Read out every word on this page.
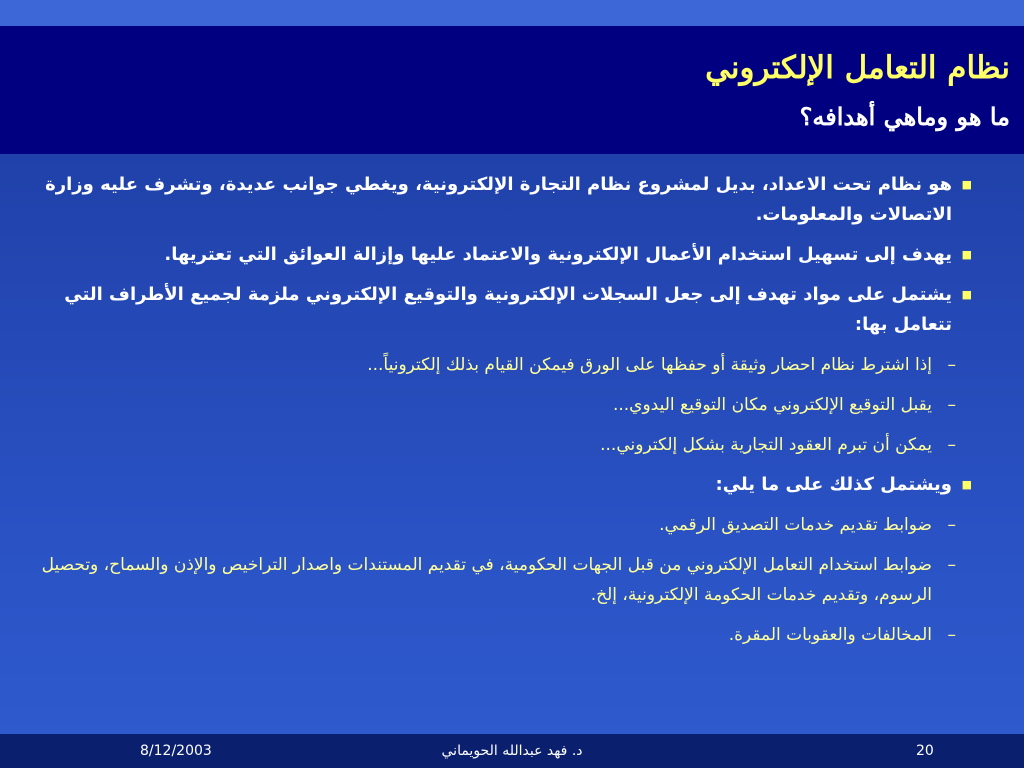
نظام التعامل الإلكتروني
ما هو وماهي أهدافه؟
■
هو نظام تحت الاعداد، بديل لمشروع نظام التجارة الإلكترونية، ويغطي جوانب عديدة، وتشرف عليه وزارة الاتصالات والمعلومات.
■
يهدف إلى تسهيل استخدام الأعمال الإلكترونية والاعتماد عليها وإزالة العوائق التي تعتريها.
■
يشتمل على مواد تهدف إلى جعل السجلات الإلكترونية والتوقيع الإلكتروني ملزمة لجميع الأطراف التي تتعامل بها:
–
إذا اشترط نظام احضار وثيقة أو حفظها على الورق فيمكن القيام بذلك إلكترونياً...
–
يقبل التوقيع الإلكتروني مكان التوقيع اليدوي...
–
يمكن أن تبرم العقود التجارية بشكل إلكتروني...
■
ويشتمل كذلك على ما يلي:
–
ضوابط تقديم خدمات التصديق الرقمي.
–
ضوابط استخدام التعامل الإلكتروني من قبل الجهات الحكومية، في تقديم المستندات واصدار التراخيص والإذن والسماح، وتحصيل الرسوم، وتقديم خدمات الحكومة الإلكترونية، إلخ.
–
المخالفات والعقوبات المقرة.
8/12/2003	د. فهد عبدالله الحويماني	20
